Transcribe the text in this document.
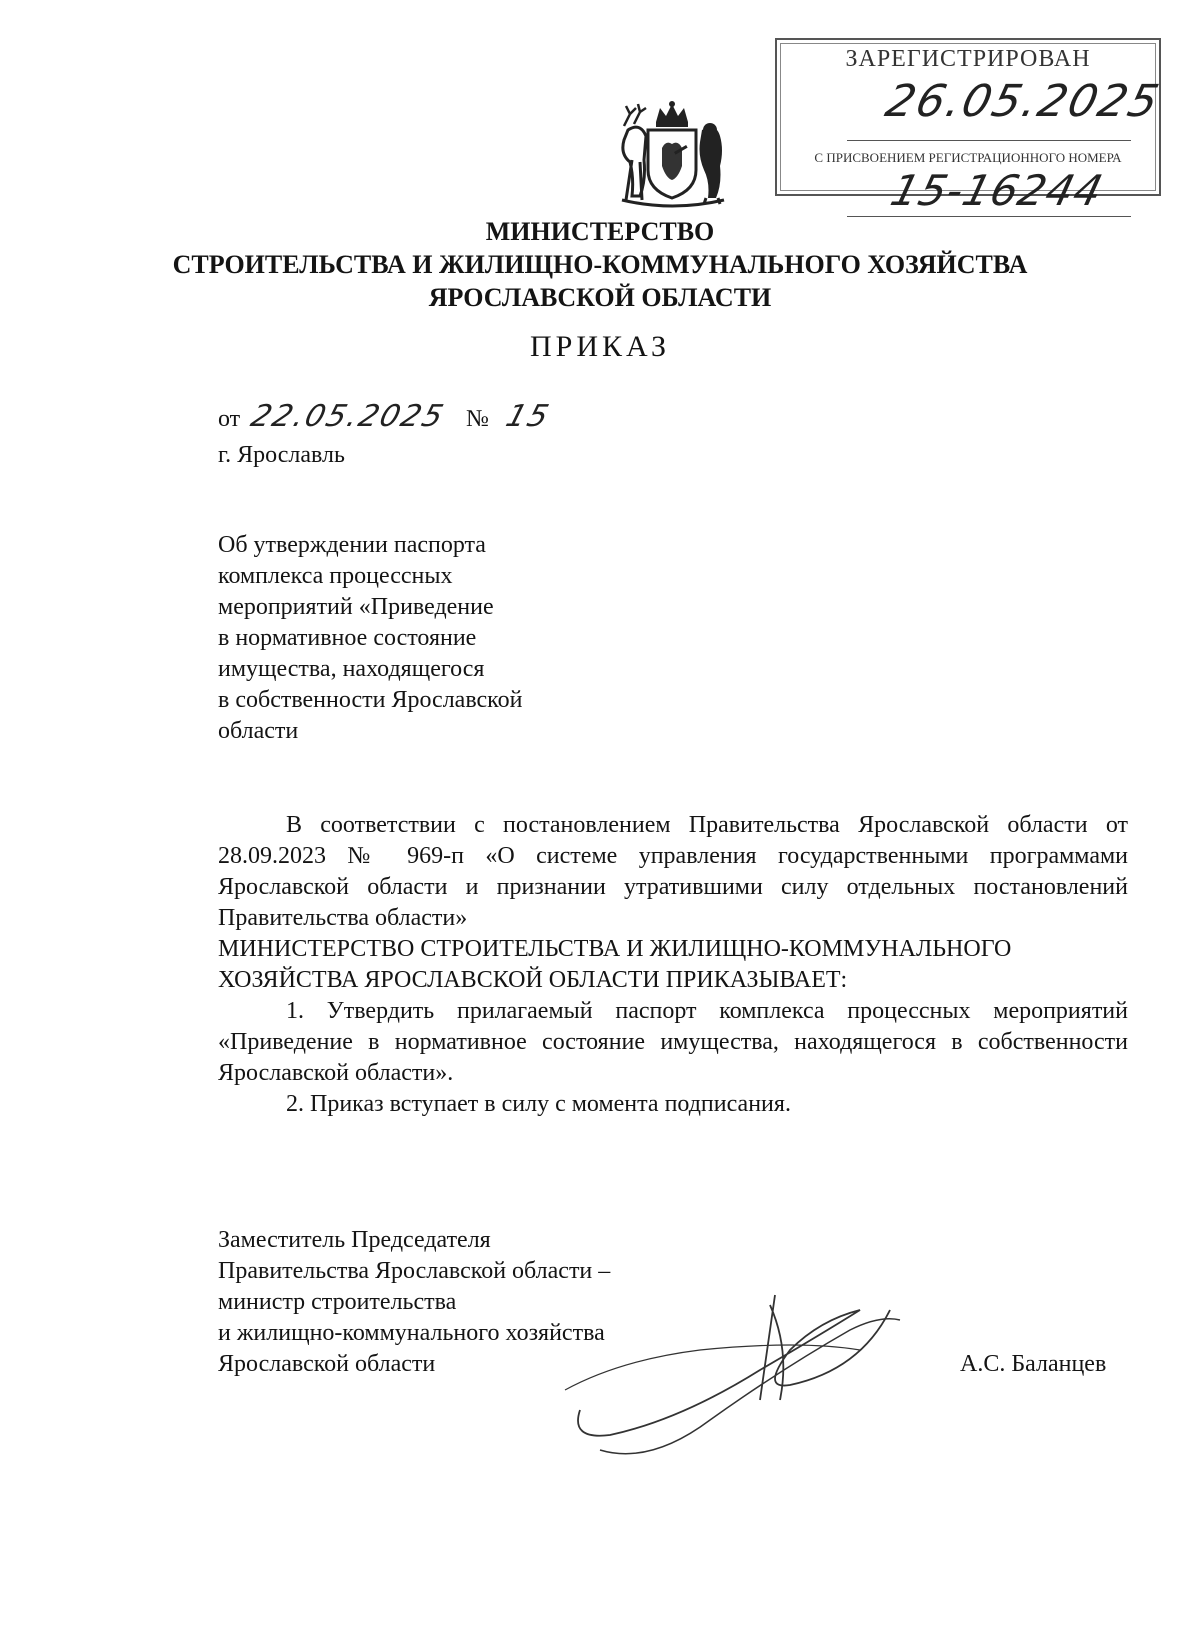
ЗАРЕГИСТРИРОВАН
26.05.2025
С ПРИСВОЕНИЕМ РЕГИСТРАЦИОННОГО НОМЕРА
15-16244
МИНИСТЕРСТВО
СТРОИТЕЛЬСТВА И ЖИЛИЩНО-КОММУНАЛЬНОГО ХОЗЯЙСТВА
ЯРОСЛАВСКОЙ ОБЛАСТИ
ПРИКАЗ
от 22.05.2025 № 15
г. Ярославль
Об утверждении паспорта
комплекса процессных
мероприятий «Приведение
в нормативное состояние
имущества, находящегося
в собственности Ярославской
области

В соответствии с постановлением Правительства Ярославской области от 28.09.2023 № 969-п «О системе управления государственными программами Ярославской области и признании утратившими силу отдельных постановлений Правительства области»

МИНИСТЕРСТВО СТРОИТЕЛЬСТВА И ЖИЛИЩНО-КОММУНАЛЬНОГО ХОЗЯЙСТВА ЯРОСЛАВСКОЙ ОБЛАСТИ ПРИКАЗЫВАЕТ:

1. Утвердить прилагаемый паспорт комплекса процессных мероприятий «Приведение в нормативное состояние имущества, находящегося в собственности Ярославской области».

2. Приказ вступает в силу с момента подписания.

Заместитель Председателя
Правительства Ярославской области –
министр строительства
и жилищно-коммунального хозяйства
Ярославской области	А.С. Баланцев
